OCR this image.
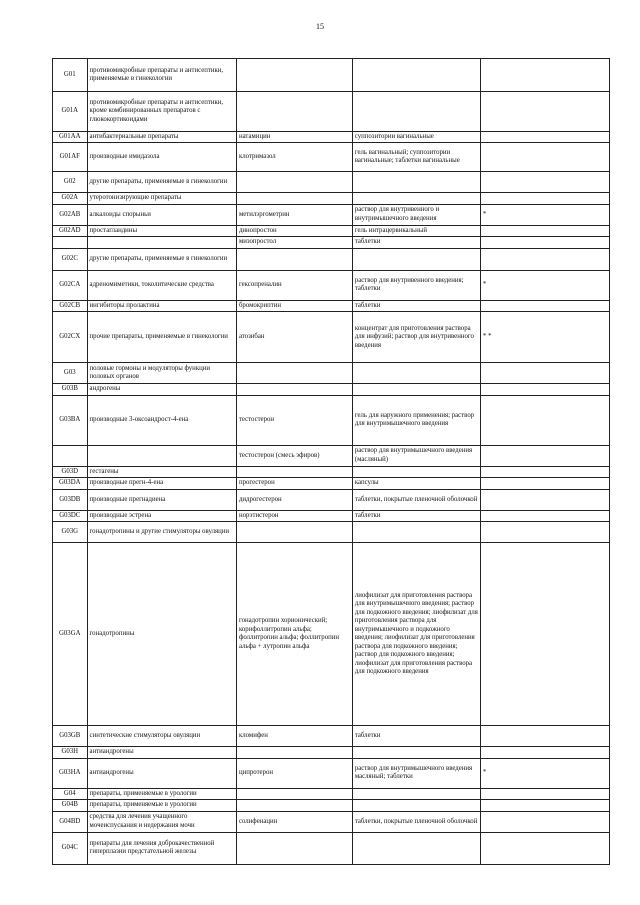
15
G01	противомикробные препараты и антисептики, применяемые в гинекологии			
G01A	противомикробные препараты и антисептики, кроме комбинированных препаратов с глюкокортикоидами			
G01AA	антибактериальные препараты	натамицин	суппозитории вагинальные	
G01AF	производные имидазола	клотримазол	гель вагинальный; суппозитории вагинальные; таблетки вагинальные	
G02	другие препараты, применяемые в гинекологии			
G02A	утеротонизирующие препараты			
G02AB	алкалоиды спорыньи	метилэргометрин	раствор для внутривенного и внутримышечного введения	*
G02AD	простагландины	динопростон	гель интрацервикальный	
		мизопростол	таблетки	
G02C	другие препараты, применяемые в гинекологии			
G02CA	адреномиметики, токолитические средства	гексопреналин	раствор для внутривенного введения; таблетки	*
G02CB	ингибиторы пролактина	бромокриптин	таблетки	
G02CX	прочие препараты, применяемые в гинекологии	атозибан	концентрат для приготовления раствора для инфузий; раствор для внутривенного введения	* *
G03	половые гормоны и модуляторы функции половых органов			
G03B	андрогены			
G03BA	производные 3-оксоандрост-4-ена	тестостерон	гель для наружного применения; раствор для внутримышечного введения	
		тестостерон (смесь эфиров)	раствор для внутримышечного введения (масляный)	
G03D	гестагены			
G03DA	производные прегн-4-ена	прогестерон	капсулы	
G03DB	производные прегнадиена	дидрогестерон	таблетки, покрытые пленочной оболочкой	
G03DC	производные эстрена	норэтистерон	таблетки	
G03G	гонадотропины и другие стимуляторы овуляции			
G03GA	гонадотропины	гонадотропин хорионический; корифоллитропин альфа; фоллитропин альфа; фоллитропин альфа + лутропин альфа	лиофилизат для приготовления раствора для внутримышечного введения; раствор для подкожного введения; лиофилизат для приготовления раствора для внутримышечного и подкожного введения; лиофилизат для приготовления раствора для подкожного введения; раствор для подкожного введения; лиофилизат для приготовления раствора для подкожного введения	
G03GB	синтетические стимуляторы овуляции	кломифен	таблетки	
G03H	антиандрогены			
G03HA	антиандрогены	ципротерон	раствор для внутримышечного введения масляный; таблетки	*
G04	препараты, применяемые в урологии			
G04B	препараты, применяемые в урологии			
G04BD	средства для лечения учащенного мочеиспускания и недержания мочи	солифенацин	таблетки, покрытые пленочной оболочкой	
G04C	препараты для лечения доброкачественной гиперплазии предстательной железы			
